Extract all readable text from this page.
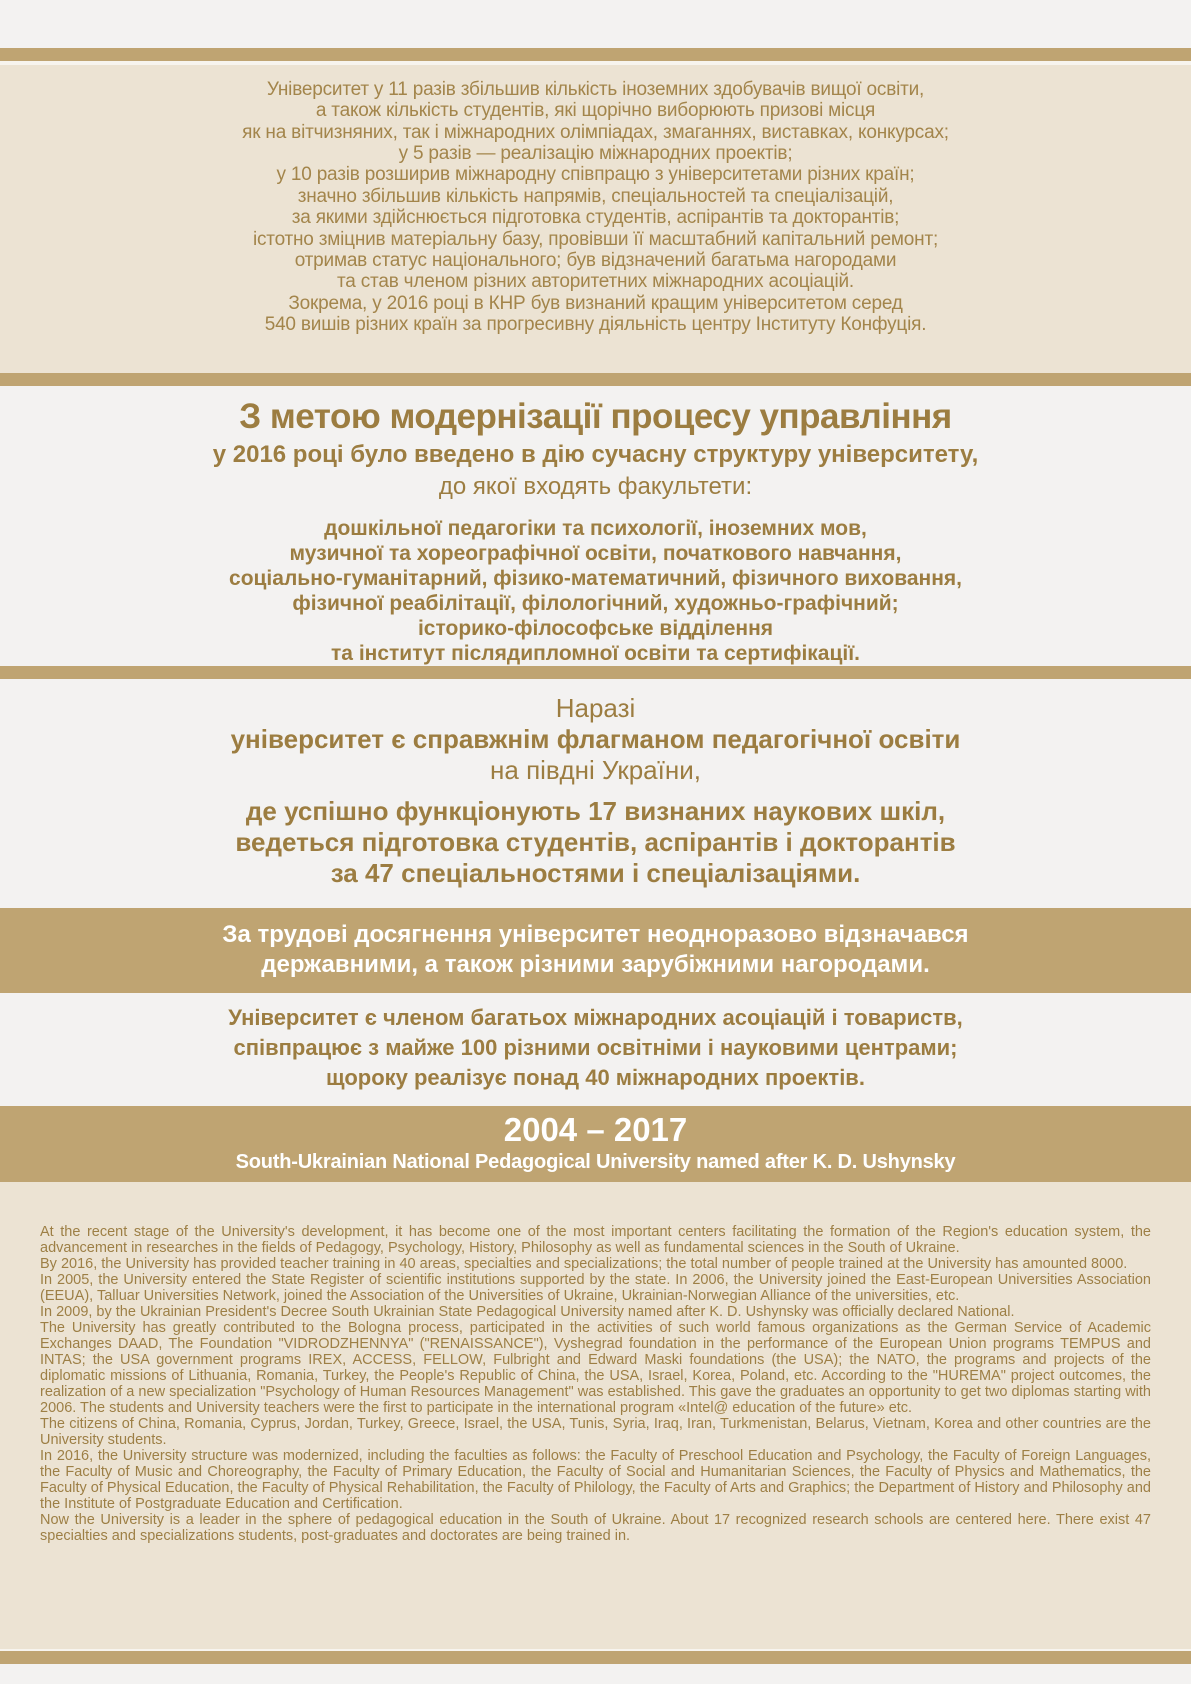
Університет у 11 разів збільшив кількість іноземних здобувачів вищої освіти,
а також кількість студентів, які щорічно виборюють призові місця
як на вітчизняних, так і міжнародних олімпіадах, змаганнях, виставках, конкурсах;
у 5 разів — реалізацію міжнародних проектів;
у 10 разів розширив міжнародну співпрацю з університетами різних країн;
значно збільшив кількість напрямів, спеціальностей та спеціалізацій,
за якими здійснюється підготовка студентів, аспірантів та докторантів;
істотно зміцнив матеріальну базу, провівши її масштабний капітальний ремонт;
отримав статус національного; був відзначений багатьма нагородами
та став членом різних авторитетних міжнародних асоціацій.
Зокрема, у 2016 році в КНР був визнаний кращим університетом серед
540 вишів різних країн за прогресивну діяльність центру Інституту Конфуція.
З метою модернізації процесу управління
у 2016 році було введено в дію сучасну структуру університету,
до якої входять факультети:
дошкільної педагогіки та психології, іноземних мов,
музичної та хореографічної освіти, початкового навчання,
соціально-гуманітарний, фізико-математичний, фізичного виховання,
фізичної реабілітації, філологічний, художньо-графічний;
історико-філософське відділення
та інститут післядипломної освіти та сертифікації.
Наразі
університет є справжнім флагманом педагогічної освіти
на півдні України,
де успішно функціонують 17 визнаних наукових шкіл,
ведеться підготовка студентів, аспірантів і докторантів
за 47 спеціальностями і спеціалізаціями.
За трудові досягнення університет неодноразово відзначався
державними, а також різними зарубіжними нагородами.
Університет є членом багатьох міжнародних асоціацій і товариств,
співпрацює з майже 100 різними освітніми і науковими центрами;
щороку реалізує понад 40 міжнародних проектів.
2004 – 2017
South-Ukrainian National Pedagogical University named after K. D. Ushynsky

At the recent stage of the University's development, it has become one of the most important centers facilitating the formation of the Region's education system, the advancement in researches in the fields of Pedagogy, Psychology, History, Philosophy as well as fundamental sciences in the South of Ukraine.

By 2016, the University has provided teacher training in 40 areas, specialties and specializations; the total number of people trained at the University has amounted 8000.

In 2005, the University entered the State Register of scientific institutions supported by the state. In 2006, the University joined the East-European Universities Association (EEUA), Talluar Universities Network, joined the Association of the Universities of Ukraine, Ukrainian-Norwegian Alliance of the universities, etc.

In 2009, by the Ukrainian President's Decree South Ukrainian State Pedagogical University named after K. D. Ushynsky was officially declared National.

The University has greatly contributed to the Bologna process, participated in the activities of such world famous organizations as the German Service of Academic Exchanges DAAD, The Foundation "VIDRODZHENNYA" ("RENAISSANCE"), Vyshegrad foundation in the performance of the European Union programs TEMPUS and INTAS; the USA government programs IREX, ACCESS, FELLOW, Fulbright and Edward Maski foundations (the USA); the NATO, the programs and projects of the diplomatic missions of Lithuania, Romania, Turkey, the People's Republic of China, the USA, Israel, Korea, Poland, etc. According to the "HUREMA" project outcomes, the realization of a new specialization "Psychology of Human Resources Management" was established. This gave the graduates an opportunity to get two diplomas starting with 2006. The students and University teachers were the first to participate in the international program «Intel@ education of the future» etc.

The citizens of China, Romania, Cyprus, Jordan, Turkey, Greece, Israel, the USA, Tunis, Syria, Iraq, Iran, Turkmenistan, Belarus, Vietnam, Korea and other countries are the University students.

In 2016, the University structure was modernized, including the faculties as follows: the Faculty of Preschool Education and Psychology, the Faculty of Foreign Languages, the Faculty of Music and Choreography, the Faculty of Primary Education, the Faculty of Social and Humanitarian Sciences, the Faculty of Physics and Mathematics, the Faculty of Physical Education, the Faculty of Physical Rehabilitation, the Faculty of Philology, the Faculty of Arts and Graphics; the Department of History and Philosophy and the Institute of Postgraduate Education and Certification.

Now the University is a leader in the sphere of pedagogical education in the South of Ukraine. About 17 recognized research schools are centered here. There exist 47 specialties and specializations students, post-graduates and doctorates are being trained in.
